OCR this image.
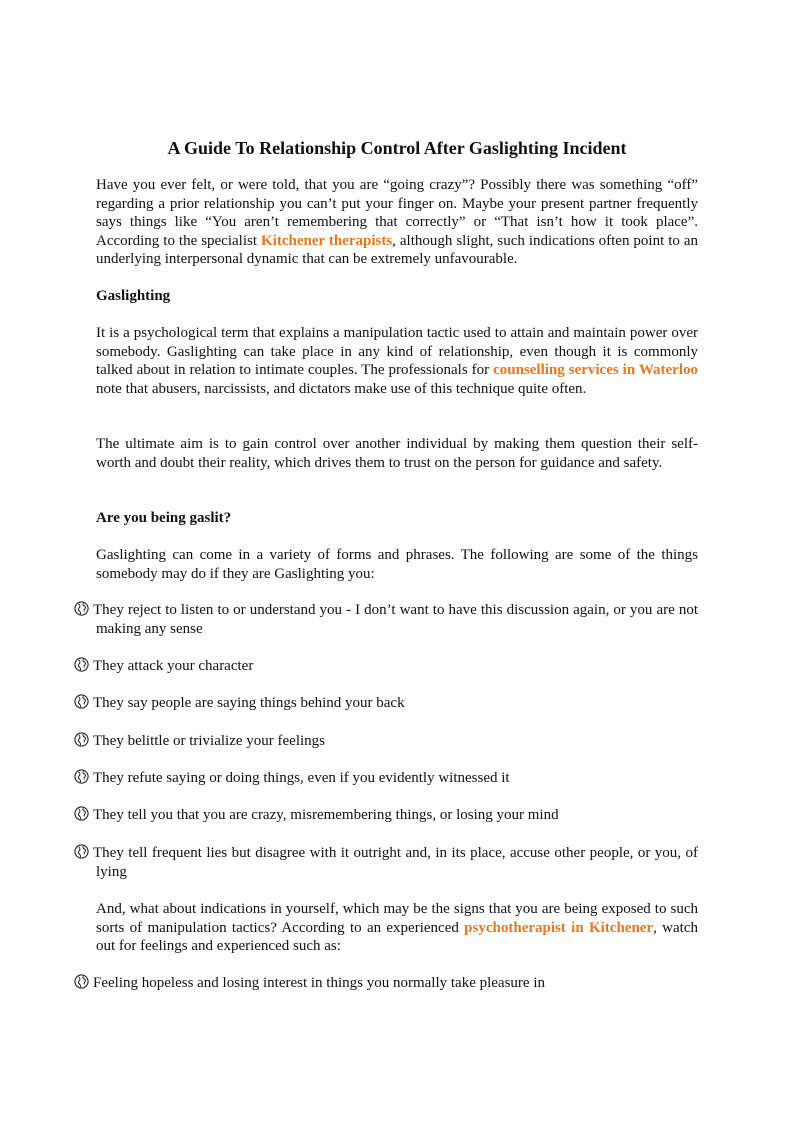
A Guide To Relationship Control After Gaslighting Incident

Have you ever felt, or were told, that you are “going crazy”? Possibly there was something “off” regarding a prior relationship you can’t put your finger on. Maybe your present partner frequently says things like “You aren’t remembering that correctly” or “That isn’t how it took place”. According to the specialist Kitchener therapists, although slight, such indications often point to an underlying interpersonal dynamic that can be extremely unfavourable.

Gaslighting

It is a psychological term that explains a manipulation tactic used to attain and maintain power over somebody. Gaslighting can take place in any kind of relationship, even though it is commonly talked about in relation to intimate couples. The professionals for counselling services in Waterloo note that abusers, narcissists, and dictators make use of this technique quite often.

The ultimate aim is to gain control over another individual by making them question their self-worth and doubt their reality, which drives them to trust on the person for guidance and safety.

Are you being gaslit?

Gaslighting can come in a variety of forms and phrases. The following are some of the things somebody may do if they are Gaslighting you:

They reject to listen to or understand you - I don’t want to have this discussion again, or you are not making any sense

They attack your character

They say people are saying things behind your back

They belittle or trivialize your feelings

They refute saying or doing things, even if you evidently witnessed it

They tell you that you are crazy, misremembering things, or losing your mind

They tell frequent lies but disagree with it outright and, in its place, accuse other people, or you, of lying

And, what about indications in yourself, which may be the signs that you are being exposed to such sorts of manipulation tactics? According to an experienced psychotherapist in Kitchener, watch out for feelings and experienced such as:

Feeling hopeless and losing interest in things you normally take pleasure in
